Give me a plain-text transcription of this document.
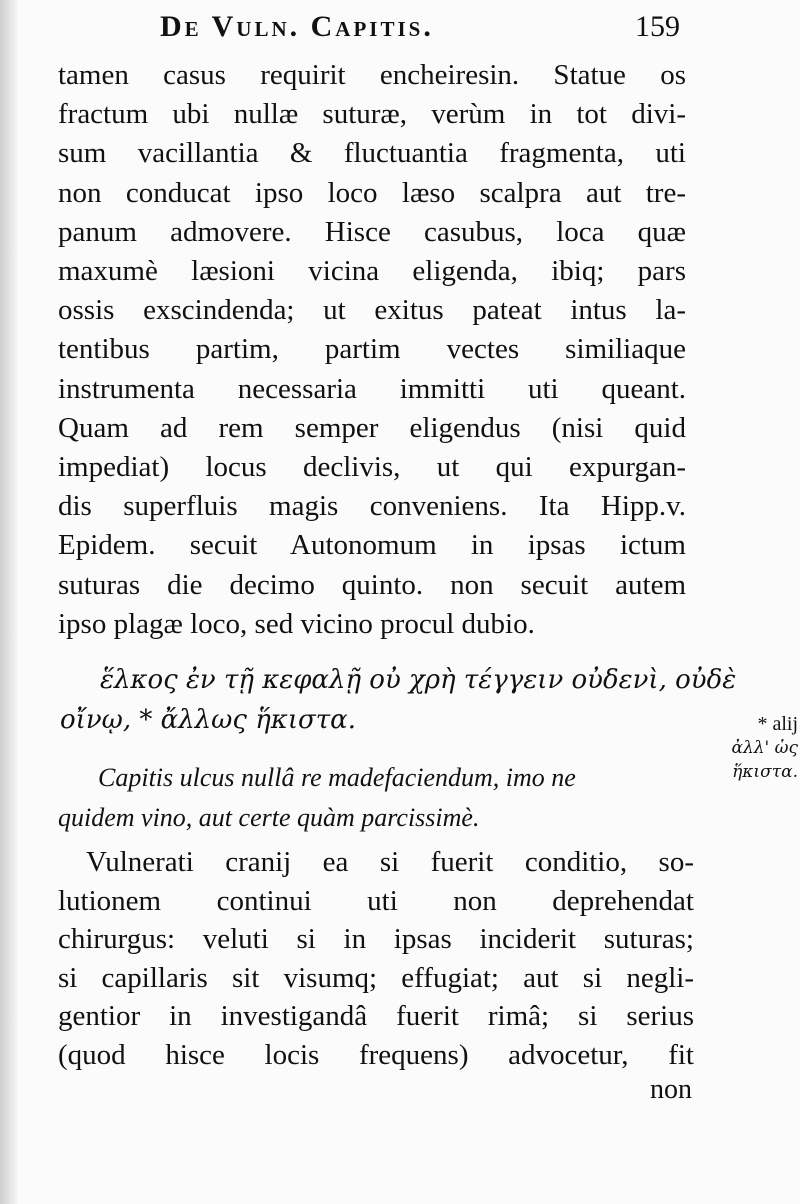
De Vuln. Capitis.	159
tamen casus requirit encheiresin. Statue os
fractum ubi nullæ suturæ, verùm in tot divi-
sum vacillantia & fluctuantia fragmenta, uti
non conducat ipso loco læso scalpra aut tre-
panum admovere. Hisce casubus, loca quæ
maxumè læsioni vicina eligenda, ibiq; pars
ossis exscindenda; ut exitus pateat intus la-
tentibus partim, partim vectes similiaque
instrumenta necessaria immitti uti queant.
Quam ad rem semper eligendus (nisi quid
impediat) locus declivis, ut qui expurgan-
dis superfluis magis conveniens. Ita Hipp.v.
Epidem. secuit Autonomum in ipsas ictum
suturas die decimo quinto. non secuit autem
ipso plagæ loco, sed vicino procul dubio.
ἕλκος ἐν τῇ κεφαλῇ οὐ χρὴ τέγγειν οὐδενὶ, οὐδὲ
οἴνῳ, * ἄλλως ἥκιστα.	* alij
ἀλλ' ὡς
ἥκιστα.
Capitis ulcus nullâ re madefaciendum, imo ne
quidem vino, aut certe quàm parcissimè.
Vulnerati cranij ea si fuerit conditio, so-
lutionem continui uti non deprehendat
chirurgus: veluti si in ipsas inciderit suturas;
si capillaris sit visumq; effugiat; aut si negli-
gentior in investigandâ fuerit rimâ; si serius
(quod hisce locis frequens) advocetur, fit
non
